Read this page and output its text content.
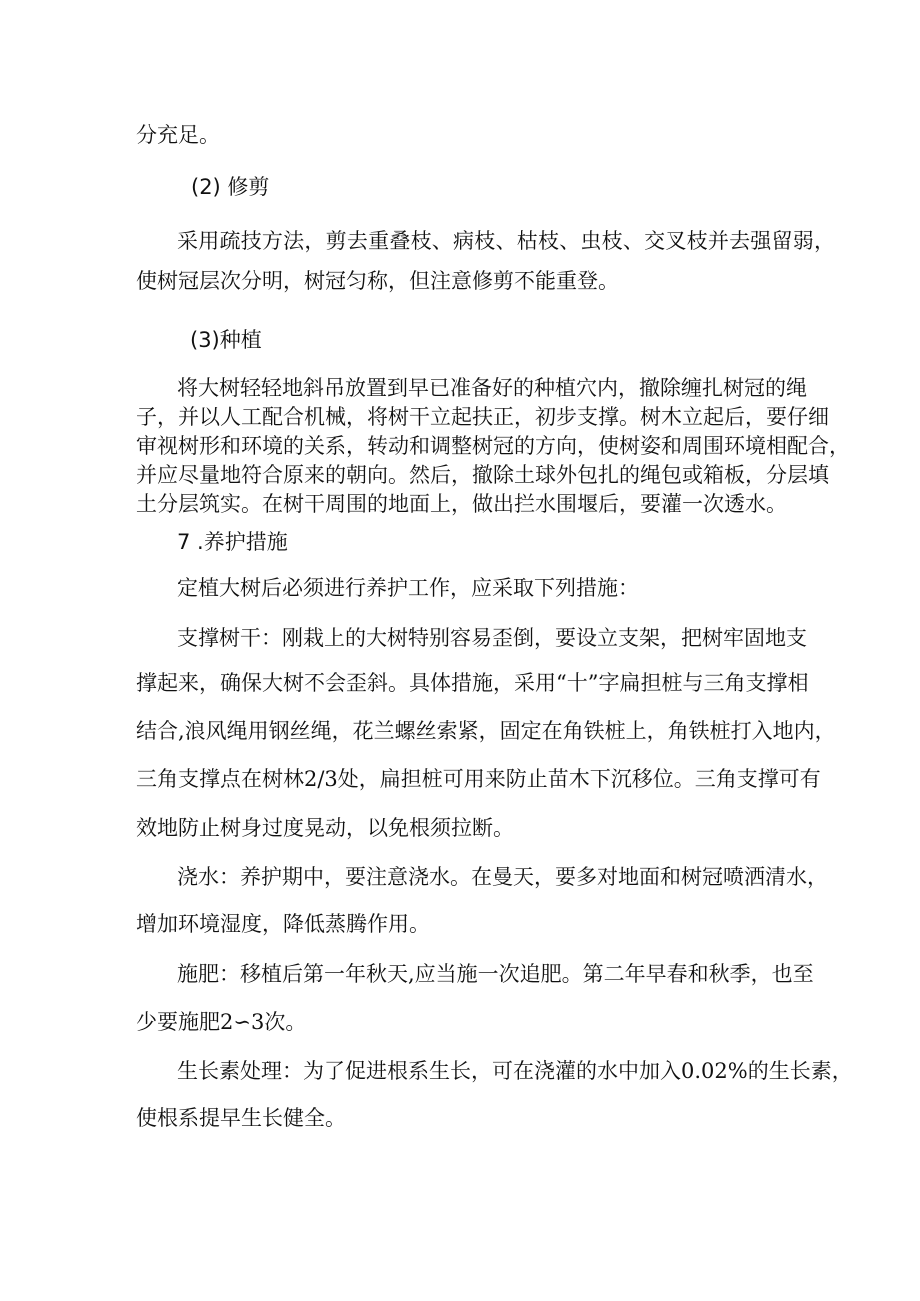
分充足。
(2) 修剪
采用疏技方法，剪去重叠枝、病枝、枯枝、虫枝、交叉枝并去强留弱，
使树冠层次分明，树冠匀称，但注意修剪不能重登。
(3)种植
将大树轻轻地斜吊放置到早已准备好的种植穴内，撤除缠扎树冠的绳
子，并以人工配合机械，将树干立起扶正，初步支撑。树木立起后，要仔细
审视树形和环境的关系，转动和调整树冠的方向，使树姿和周围环境相配合，
并应尽量地符合原来的朝向。然后，撤除土球外包扎的绳包或箱板，分层填
土分层筑实。在树干周围的地面上，做出拦水围堰后，要灌一次透水。
7 .养护措施
定植大树后必须进行养护工作，应采取下列措施：
支撑树干：刚栽上的大树特别容易歪倒，要设立支架，把树牢固地支
撑起来，确保大树不会歪斜。具体措施，采用“十”字扁担桩与三角支撑相
结合,浪风绳用钢丝绳，花兰螺丝索紧，固定在角铁桩上，角铁桩打入地内，
三角支撑点在树林2/3处，扁担桩可用来防止苗木下沉移位。三角支撑可有
效地防止树身过度晃动，以免根须拉断。
浇水：养护期中，要注意浇水。在曼天，要多对地面和树冠喷洒清水，
增加环境湿度，降低蒸腾作用。
施肥：移植后第一年秋天,应当施一次追肥。第二年早春和秋季，也至
少要施肥2∽3次。
生长素处理：为了促进根系生长，可在浇灌的水中加入0.02%的生长素，
使根系提早生长健全。
